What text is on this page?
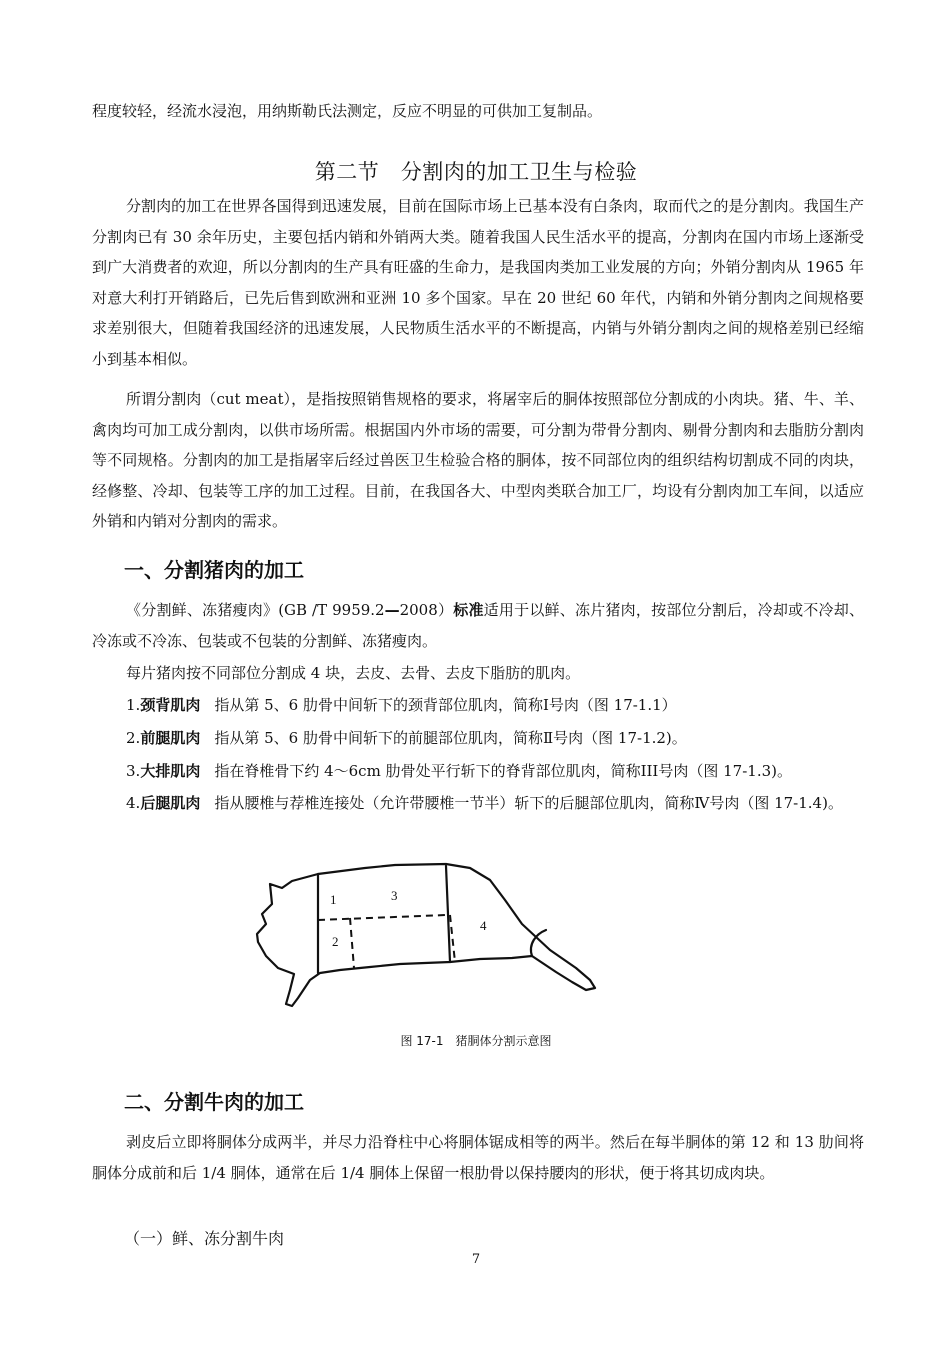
程度较轻，经流水浸泡，用纳斯勒氏法测定，反应不明显的可供加工复制品。

第二节　分割肉的加工卫生与检验

分割肉的加工在世界各国得到迅速发展，目前在国际市场上已基本没有白条肉，取而代之的是分割肉。我国生产分割肉已有 30 余年历史，主要包括内销和外销两大类。随着我国人民生活水平的提高，分割肉在国内市场上逐渐受到广大消费者的欢迎，所以分割肉的生产具有旺盛的生命力，是我国肉类加工业发展的方向；外销分割肉从 1965 年对意大利打开销路后，已先后售到欧洲和亚洲 10 多个国家。早在 20 世纪 60 年代，内销和外销分割肉之间规格要求差别很大，但随着我国经济的迅速发展，人民物质生活水平的不断提高，内销与外销分割肉之间的规格差别已经缩小到基本相似。

所谓分割肉（cut meat），是指按照销售规格的要求，将屠宰后的胴体按照部位分割成的小肉块。猪、牛、羊、禽肉均可加工成分割肉，以供市场所需。根据国内外市场的需要，可分割为带骨分割肉、剔骨分割肉和去脂肪分割肉等不同规格。分割肉的加工是指屠宰后经过兽医卫生检验合格的胴体，按不同部位肉的组织结构切割成不同的肉块，经修整、冷却、包装等工序的加工过程。目前，在我国各大、中型肉类联合加工厂，均设有分割肉加工车间，以适应外销和内销对分割肉的需求。

一、分割猪肉的加工

《分割鲜、冻猪瘦肉》(GB /T 9959.2—2008）标准适用于以鲜、冻片猪肉，按部位分割后，冷却或不冷却、冷冻或不冷冻、包装或不包装的分割鲜、冻猪瘦肉。

每片猪肉按不同部位分割成 4 块，去皮、去骨、去皮下脂肪的肌肉。

1.颈背肌肉 指从第 5、6 肋骨中间斩下的颈背部位肌肉，简称Ⅰ号肉（图 17-1.1）

2.前腿肌肉 指从第 5、6 肋骨中间斩下的前腿部位肌肉，简称Ⅱ号肉（图 17-1.2)。

3.大排肌肉 指在脊椎骨下约 4～6cm 肋骨处平行斩下的脊背部位肌肉，简称III号肉（图 17-1.3)。

4.后腿肌肉 指从腰椎与荐椎连接处（允许带腰椎一节半）斩下的后腿部位肌肉，简称Ⅳ号肉（图 17-1.4)。

1	3
2
4
图 17-1　猪胴体分割示意图
二、分割牛肉的加工

剥皮后立即将胴体分成两半，并尽力沿脊柱中心将胴体锯成相等的两半。然后在每半胴体的第 12 和 13 肋间将胴体分成前和后 1/4 胴体，通常在后 1/4 胴体上保留一根肋骨以保持腰肉的形状，便于将其切成肉块。

（一）鲜、冻分割牛肉
7
